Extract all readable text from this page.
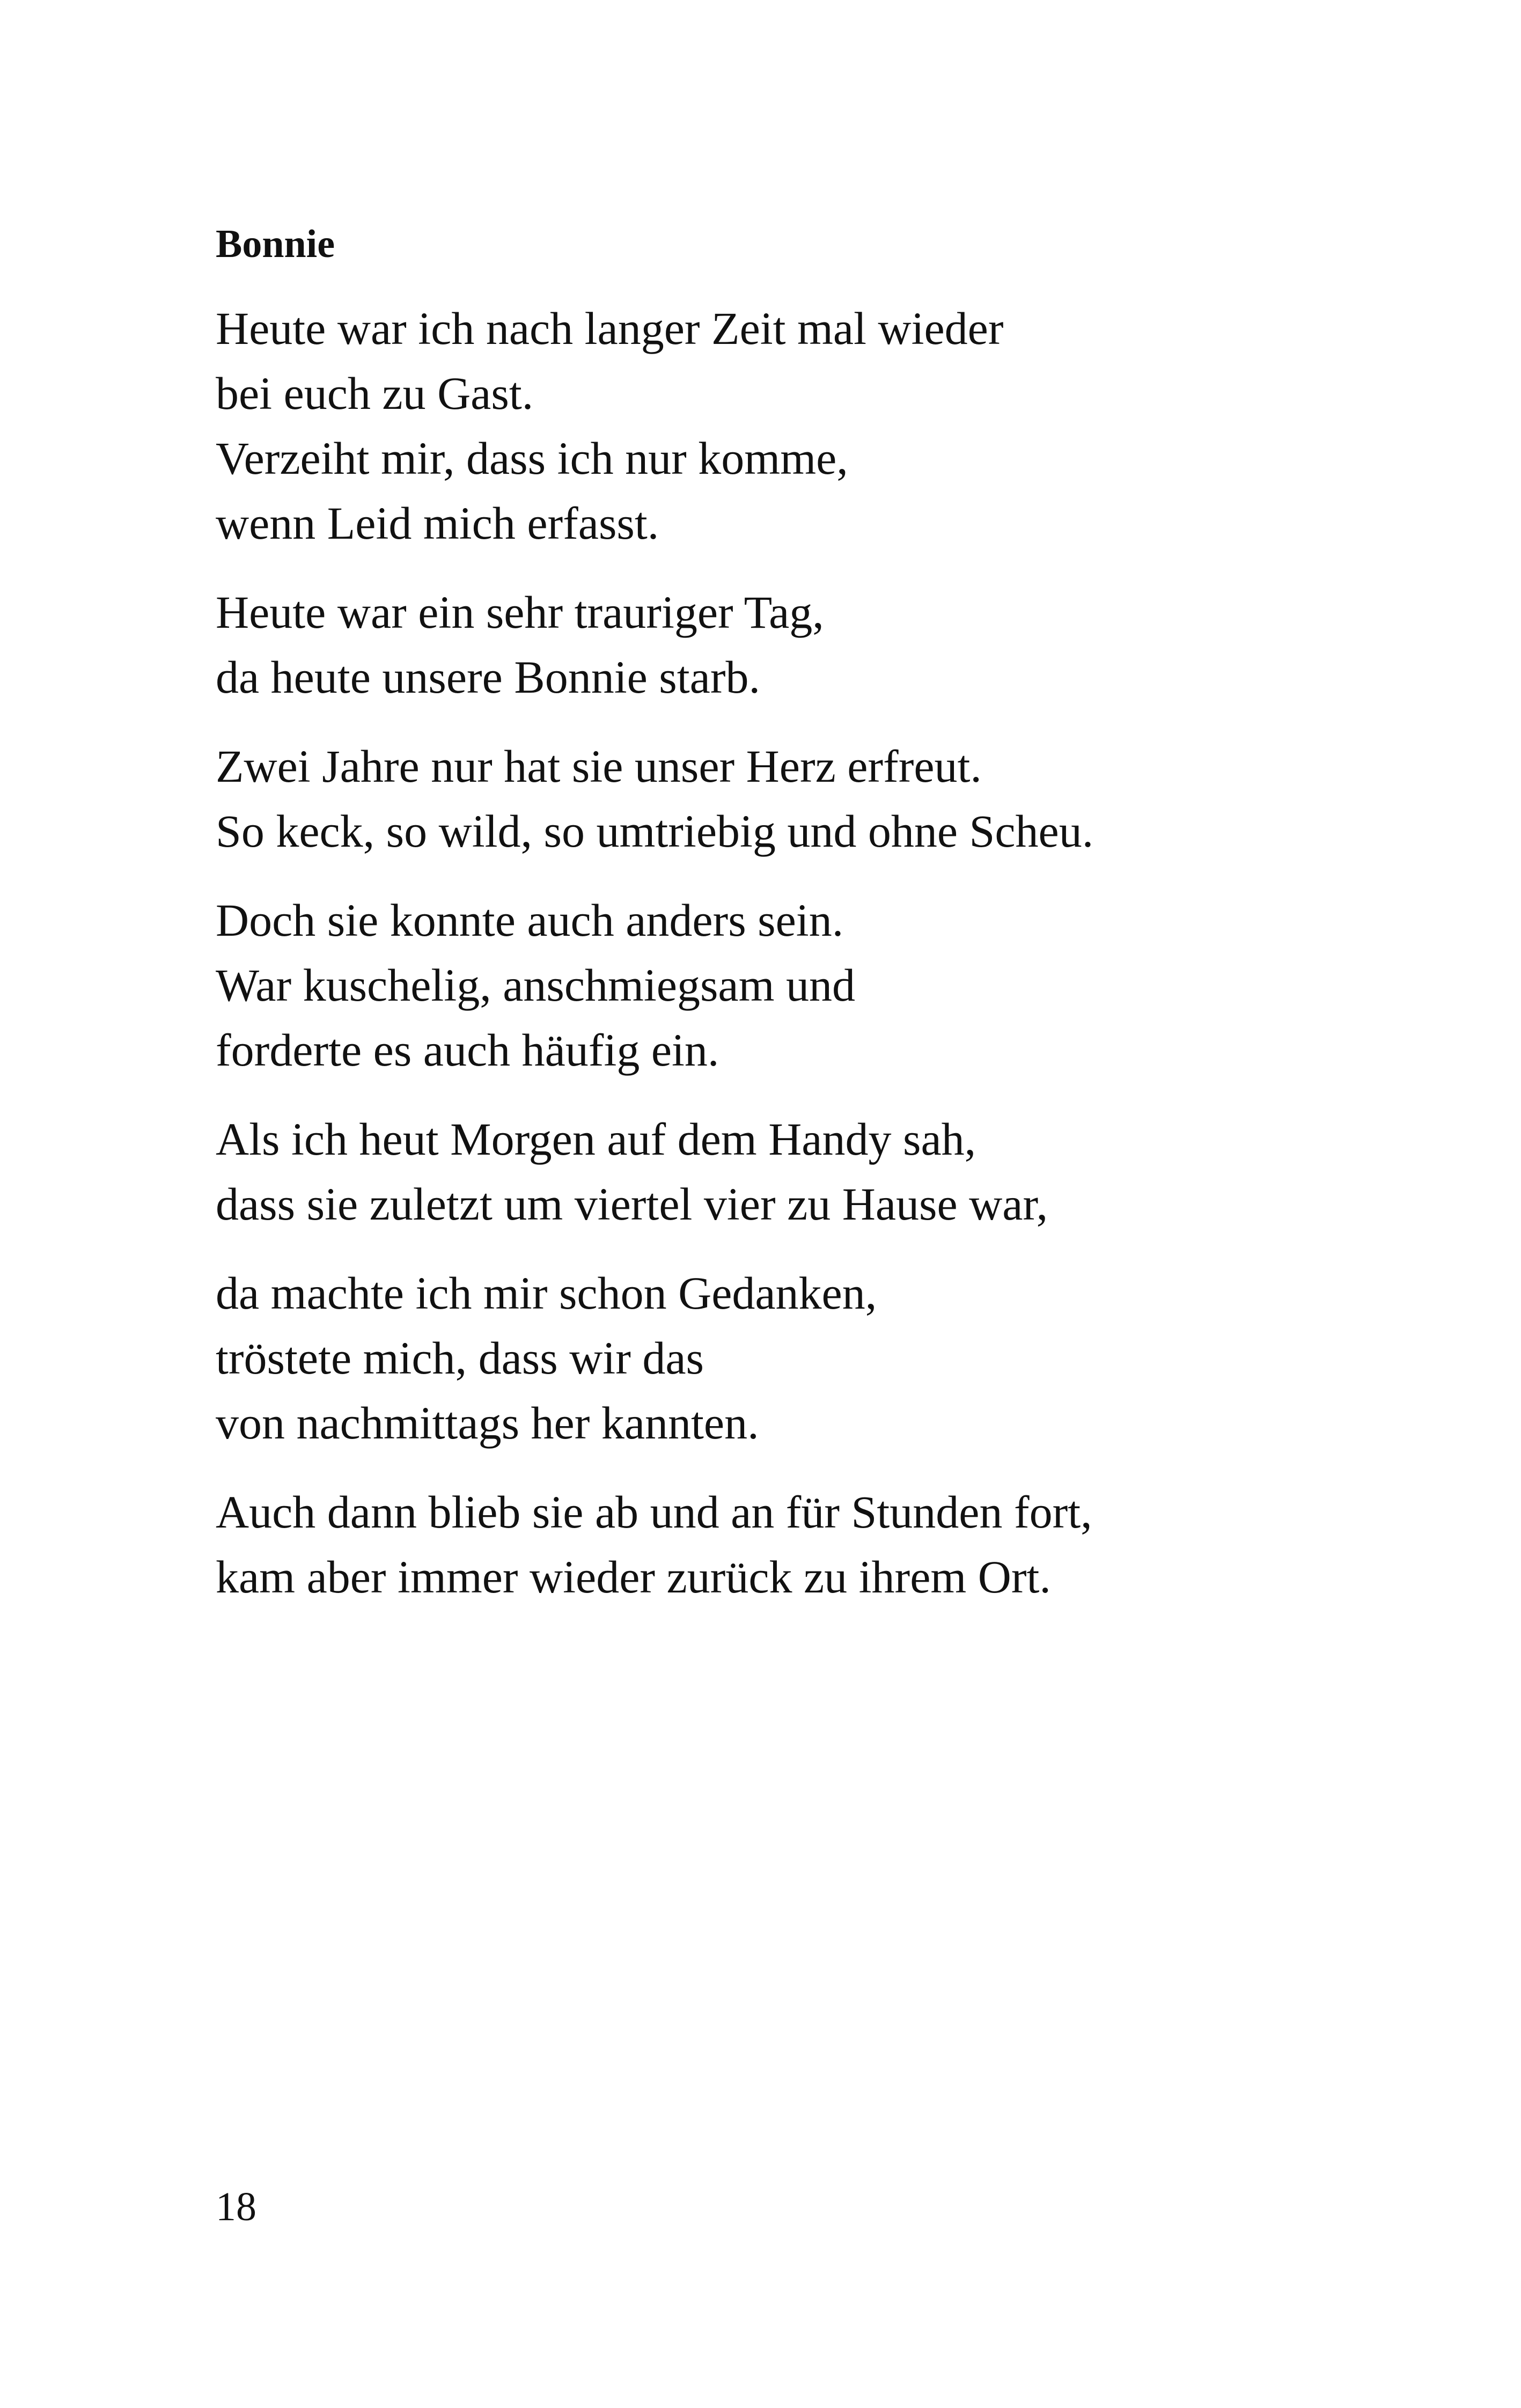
Bonnie
Heute war ich nach langer Zeit mal wieder
bei euch zu Gast.
Verzeiht mir, dass ich nur komme,
wenn Leid mich erfasst.
Heute war ein sehr trauriger Tag,
da heute unsere Bonnie starb.
Zwei Jahre nur hat sie unser Herz erfreut.
So keck, so wild, so umtriebig und ohne Scheu.
Doch sie konnte auch anders sein.
War kuschelig, anschmiegsam und
forderte es auch häufig ein.
Als ich heut Morgen auf dem Handy sah,
dass sie zuletzt um viertel vier zu Hause war,
da machte ich mir schon Gedanken,
tröstete mich, dass wir das
von nachmittags her kannten.
Auch dann blieb sie ab und an für Stunden fort,
kam aber immer wieder zurück zu ihrem Ort.
18
